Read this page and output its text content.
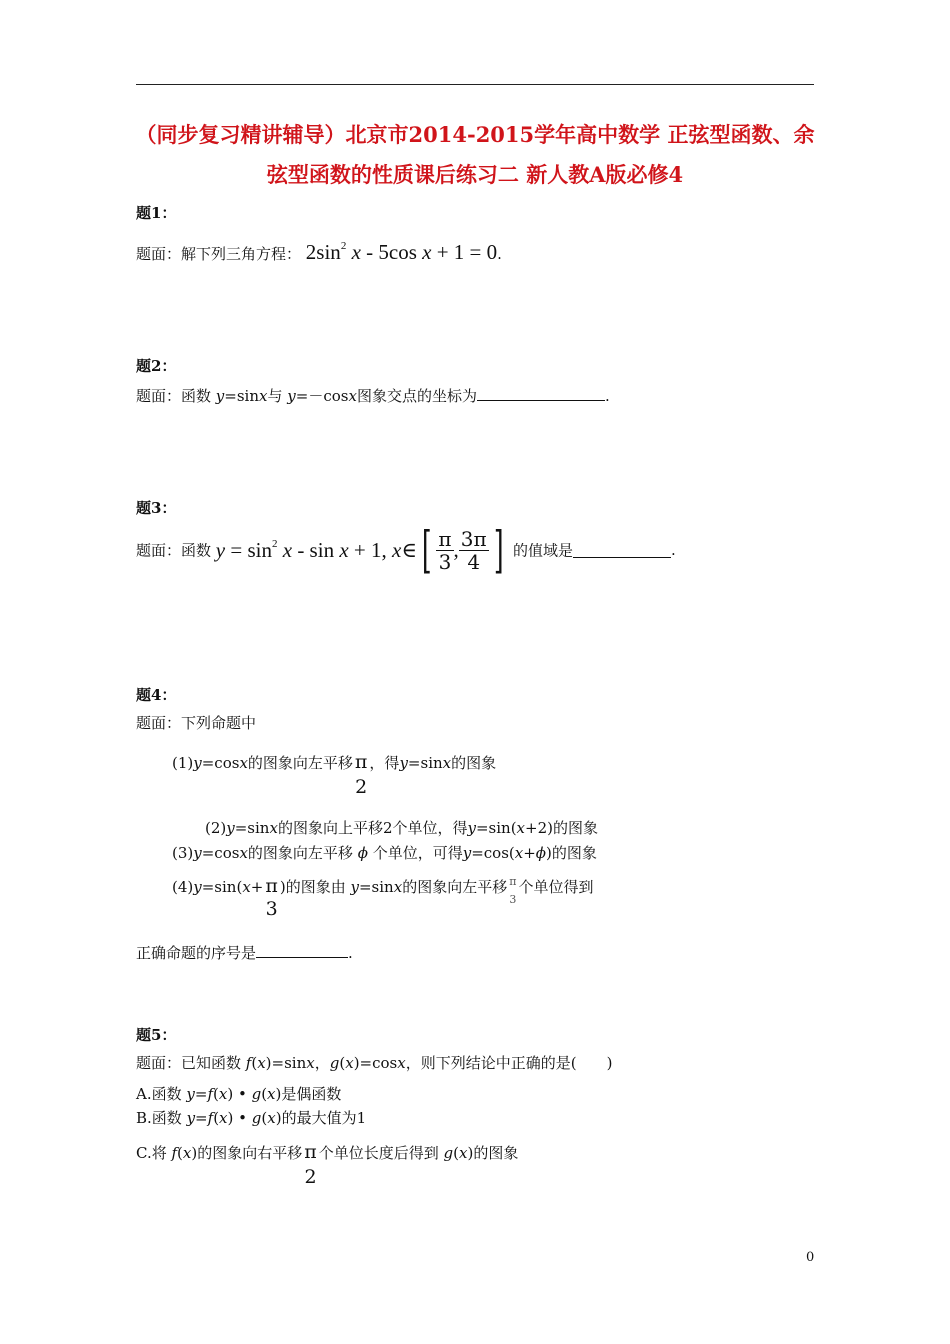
（同步复习精讲辅导）北京市2014-2015学年高中数学 正弦型函数、余
弦型函数的性质课后练习二 新人教A版必修4
题1：
题面：解下列三角方程： $2\sin^2$ x - 5cos x + 1 = 0.
题2：
题面：函数 y=sinx与 y=－cosx图象交点的坐标为	.
题3：
题面：函数 $y = \sin^2 x - \sin x + 1$, x∈[ $\frac{\pi}{3}$ , $\frac{3\pi}{4}$ ] 的值域是	.
题4：
题面：下列命题中
(1)y=cosx的图象向左平移 π
2
，得y=sinx的图象
(2)y=sinx的图象向上平移2个单位，得y=sin(x+2)的图象
(3)y=cosx的图象向左平移 ϕ 个单位，可得y=cos(x+ϕ)的图象
(4)y=sin(x+ π
3
)的图象由 y=sinx的图象向左平移 π
3
个单位得到
正确命题的序号是	.
题5：
题面：已知函数 f(x)=sinx，g(x)=cosx，则下列结论中正确的是(　　)
A.函数 y=f(x) • g(x)是偶函数
B.函数 y=f(x) • g(x)的最大值为1
C.将 f(x)的图象向右平移 π
2
个单位长度后得到 g(x)的图象
0
